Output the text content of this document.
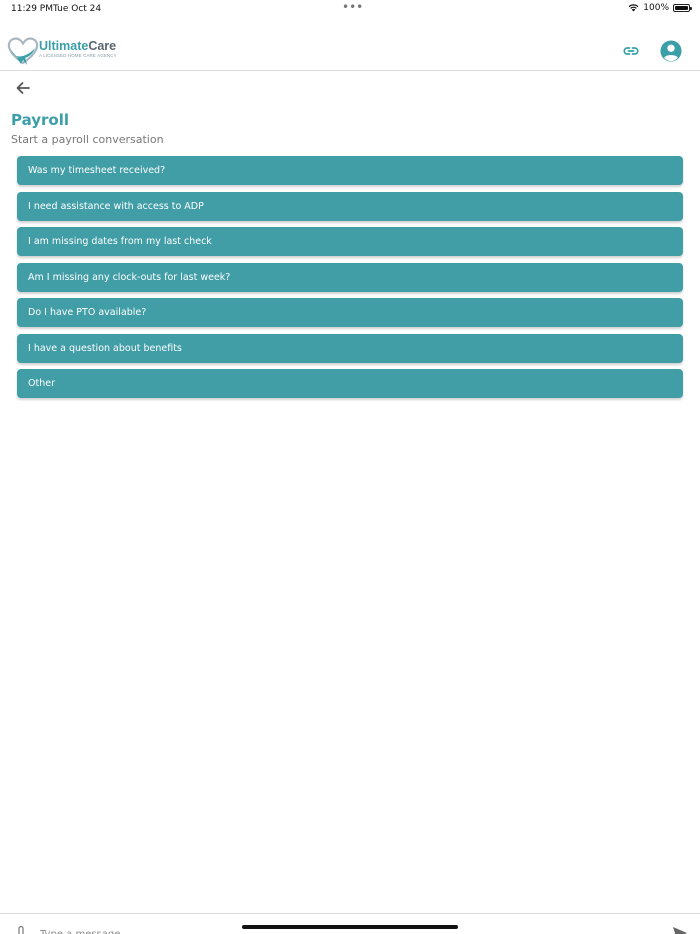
11:29 PM Tue Oct 24	•••	100%
UltimateCare
A LICENSED HOME CARE AGENCY
Payroll
Start a payroll conversation
Was my timesheet received?
I need assistance with access to ADP
I am missing dates from my last check
Am I missing any clock-outs for last week?
Do I have PTO available?
I have a question about benefits
Other
Type a message...
